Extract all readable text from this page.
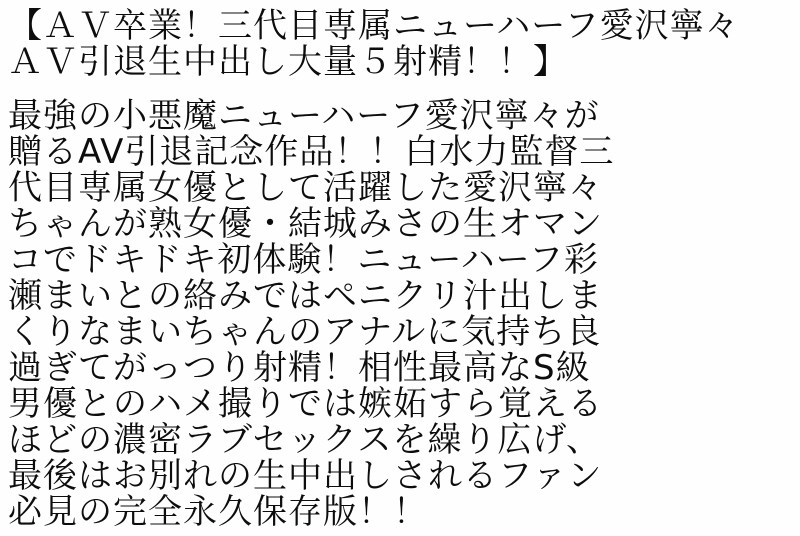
【ＡＶ卒業！三代目専属ニューハーフ愛沢寧々
ＡＶ引退生中出し大量５射精！！】
最強の小悪魔ニューハーフ愛沢寧々が
贈るAV引退記念作品！！白水力監督三
代目専属女優として活躍した愛沢寧々
ちゃんが熟女優・結城みさの生オマン
コでドキドキ初体験！ニューハーフ彩
瀬まいとの絡みではペニクリ汁出しま
くりなまいちゃんのアナルに気持ち良
過ぎてがっつり射精！相性最高なS級
男優とのハメ撮りでは嫉妬すら覚える
ほどの濃密ラブセックスを繰り広げ、
最後はお別れの生中出しされるファン
必見の完全永久保存版！！
